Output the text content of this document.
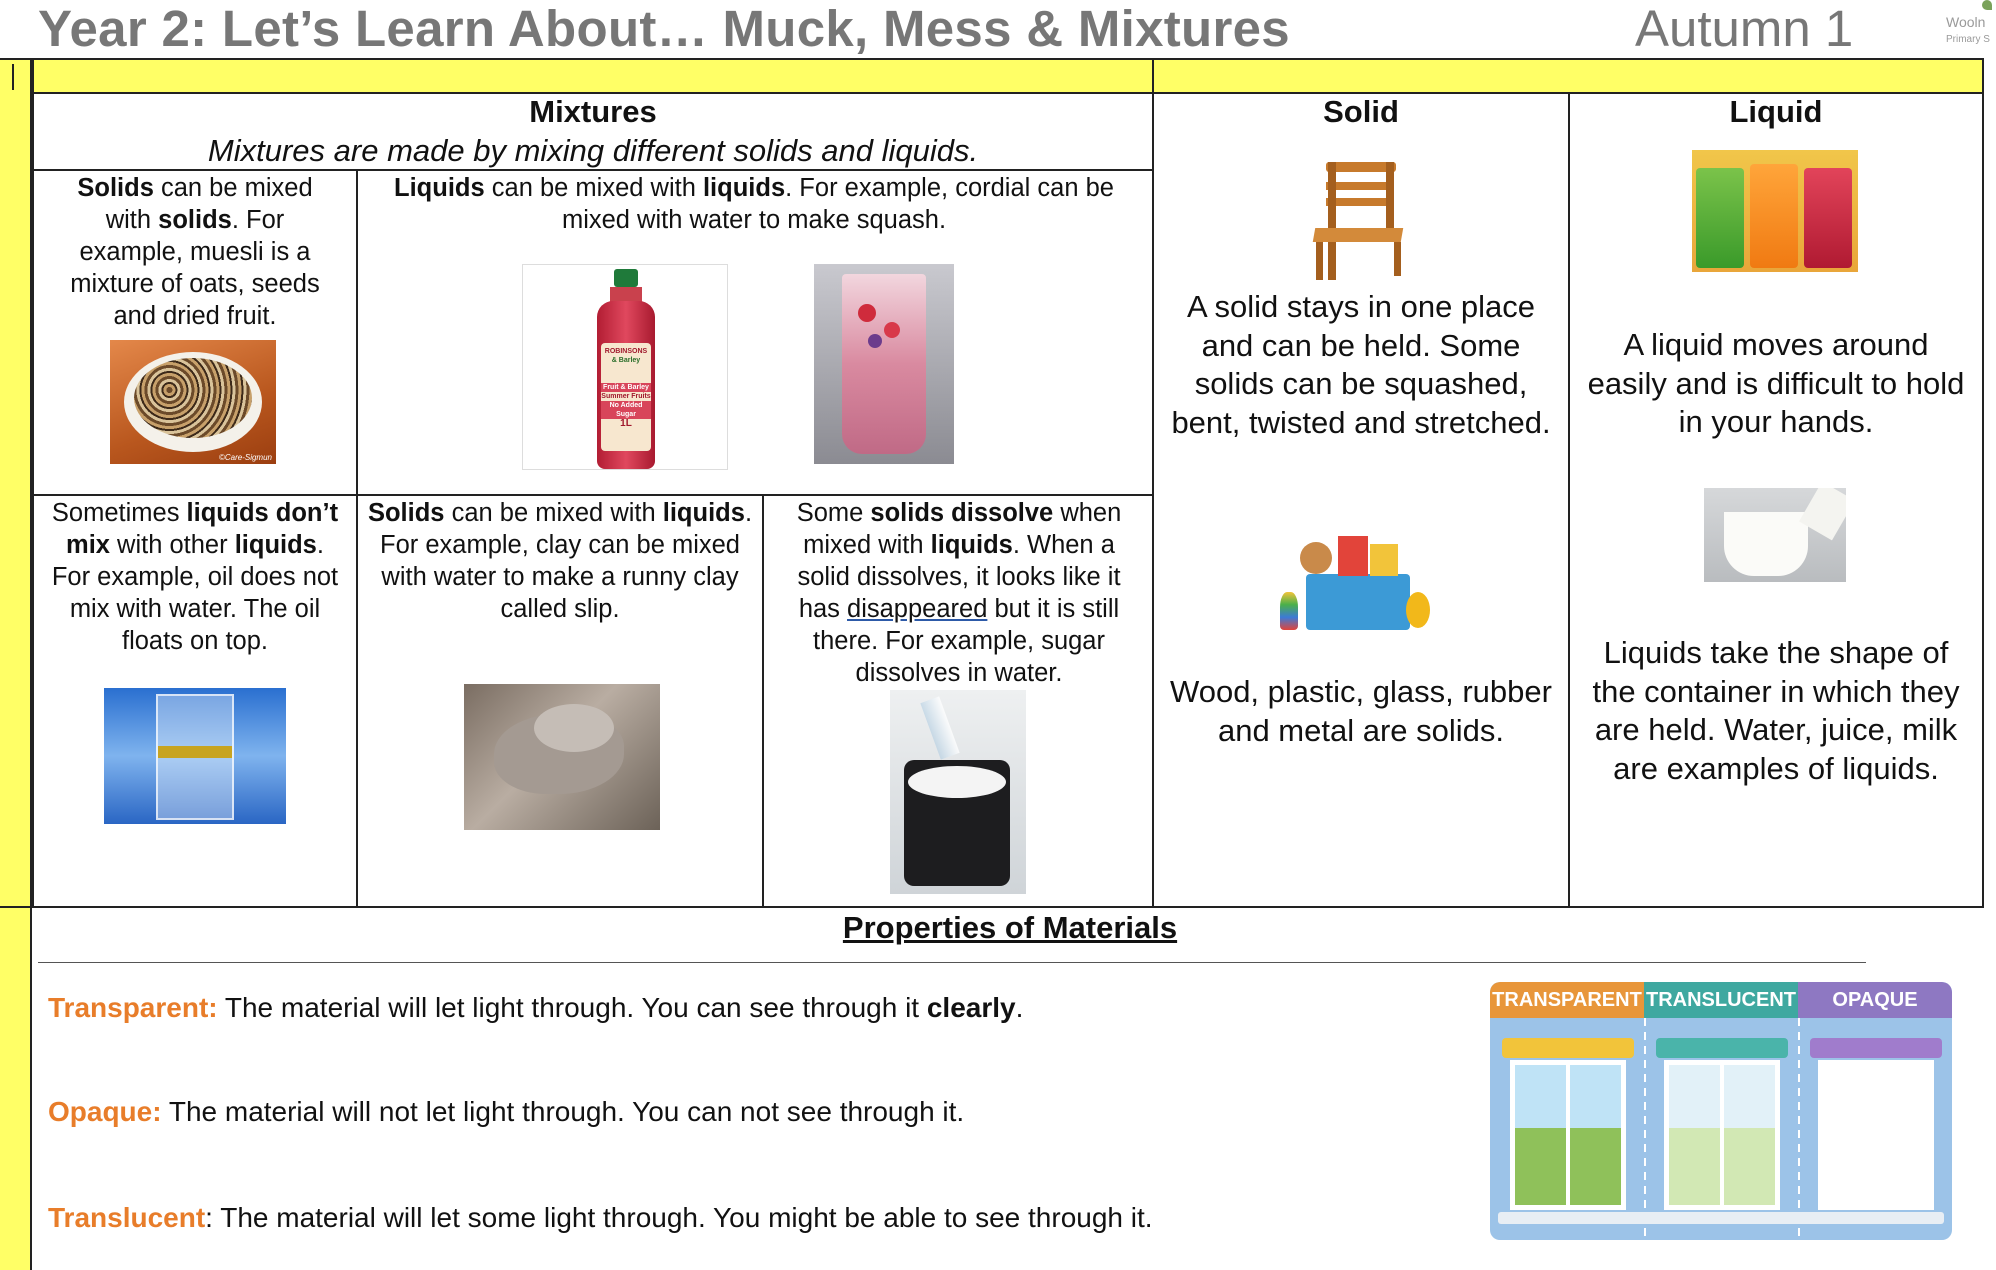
Year 2: Let’s Learn About… Muck, Mess & Mixtures	Autumn 1	Wooln
Primary S
Mixtures
Mixtures are made by mixing different solids and liquids.
Solids can be mixed with solids. For example, muesli is a mixture of oats, seeds and dried fruit.
©Care-Sigmun
Liquids can be mixed with liquids. For example, cordial can be mixed with water to make squash.
ROBINSONS
& Barley
Fruit & Barley
Summer Fruits
No Added Sugar
1L
Sometimes liquids don’t mix with other liquids. For example, oil does not mix with water. The oil floats on top.
Solids can be mixed with liquids. For example, clay can be mixed with water to make a runny clay called slip.
Some solids dissolve when mixed with liquids. When a solid dissolves, it looks like it has disappeared but it is still there. For example, sugar dissolves in water.
Solid
A solid stays in one place and can be held. Some solids can be squashed, bent, twisted and stretched.
Wood, plastic, glass, rubber and metal are solids.
Liquid
A liquid moves around easily and is difficult to hold in your hands.
Liquids take the shape of the container in which they are held. Water, juice, milk are examples of liquids.
Properties of Materials
Transparent: The material will let light through. You can see through it clearly.
Opaque: The material will not let light through. You can not see through it.
Translucent: The material will let some light through. You might be able to see through it.
TRANSPARENT TRANSLUCENT	OPAQUE
